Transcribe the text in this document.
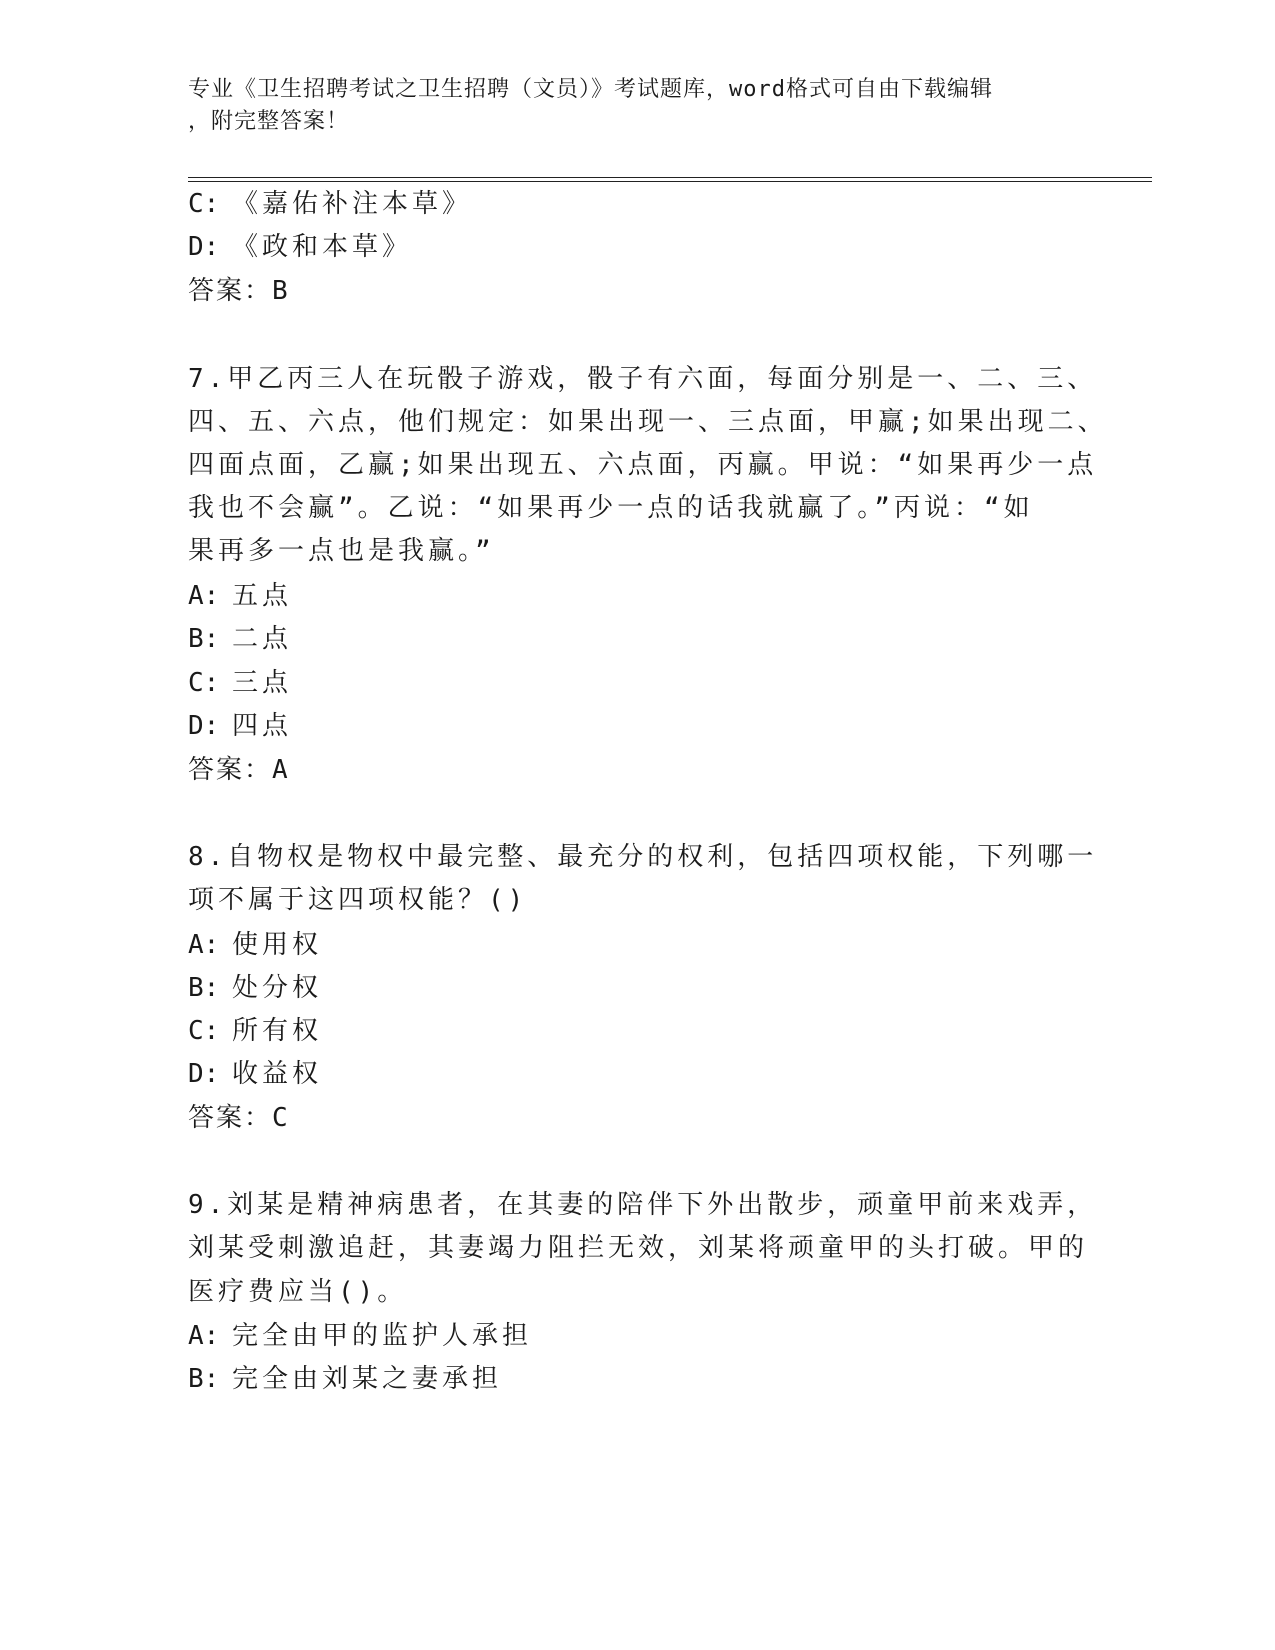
专业《卫生招聘考试之卫生招聘（文员）》考试题库，word格式可自由下载编辑
，附完整答案！
C: 《嘉佑补注本草》
D: 《政和本草》
答案：B
7.甲乙丙三人在玩骰子游戏，骰子有六面，每面分别是一、二、三、
四、五、六点，他们规定：如果出现一、三点面，甲赢;如果出现二、
四面点面，乙赢;如果出现五、六点面，丙赢。甲说：“如果再少一点
我也不会赢”。乙说：“如果再少一点的话我就赢了。”丙说：“如
果再多一点也是我赢。”
A: 五点
B: 二点
C: 三点
D: 四点
答案：A
8.自物权是物权中最完整、最充分的权利，包括四项权能，下列哪一
项不属于这四项权能？()
A: 使用权
B: 处分权
C: 所有权
D: 收益权
答案：C
9.刘某是精神病患者，在其妻的陪伴下外出散步，顽童甲前来戏弄，
刘某受刺激追赶，其妻竭力阻拦无效，刘某将顽童甲的头打破。甲的
医疗费应当()。
A: 完全由甲的监护人承担
B: 完全由刘某之妻承担
